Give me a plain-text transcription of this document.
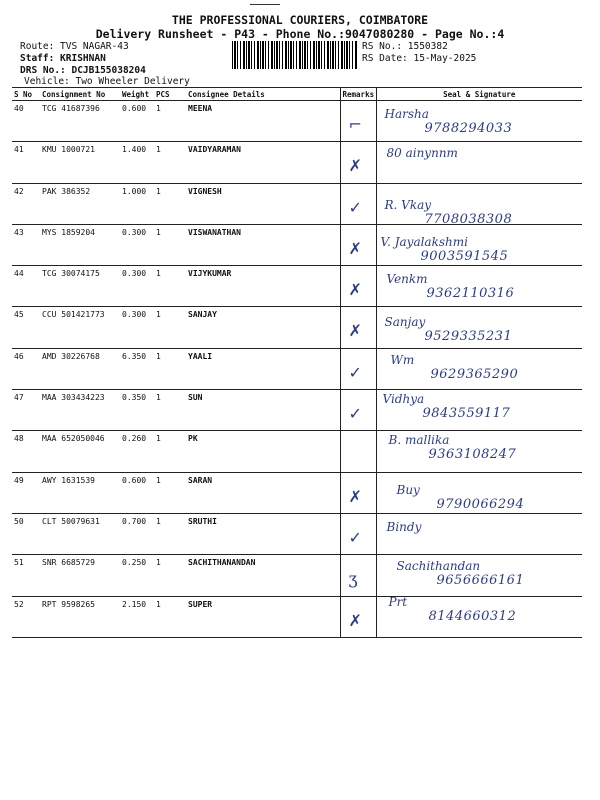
THE PROFESSIONAL COURIERS, COIMBATORE
Delivery Runsheet - P43 - Phone No.:9047080280 - Page No.:4
Route: TVS NAGAR-43
Staff: KRISHNAN
DRS No.: DCJB155038204
Vehicle: Two Wheeler Delivery
RS No.: 1550382
RS Date: 15-May-2025
S No	Consignment No	Weight	PCS	Consignee Details	Remarks	Seal & Signature
40	TCG 41687396	0.600	1	MEENA	⌐	Harsha
9788294033

41	KMU 1000721	1.400	1	VAIDYARAMAN	✗	80 ainynnm

42	PAK 386352	1.000	1	VIGNESH	✓	R. Vkay
7708038308

43	MYS 1859204	0.300	1	VISWANATHAN	✗	V. Jayalakshmi
9003591545

44	TCG 30074175	0.300	1	VIJYKUMAR	✗	Venkm
9362110316

45	CCU 501421773	0.300	1	SANJAY	✗	Sanjay
9529335231

46	AMD 30226768	6.350	1	YAALI	✓	Wm
9629365290

47	MAA 303434223	0.350	1	SUN	✓	Vidhya
9843559117

48	MAA 652050046	0.260	1	PK		B. mallika
9363108247

49	AWY 1631539	0.600	1	SARAN	✗	Buy
9790066294

50	CLT 50079631	0.700	1	SRUTHI	✓	Bindy

51	SNR 6685729	0.250	1	SACHITHANANDAN	ʒ	Sachithandan
9656666161

52	RPT 9598265	2.150	1	SUPER	✗	Prt
8144660312
